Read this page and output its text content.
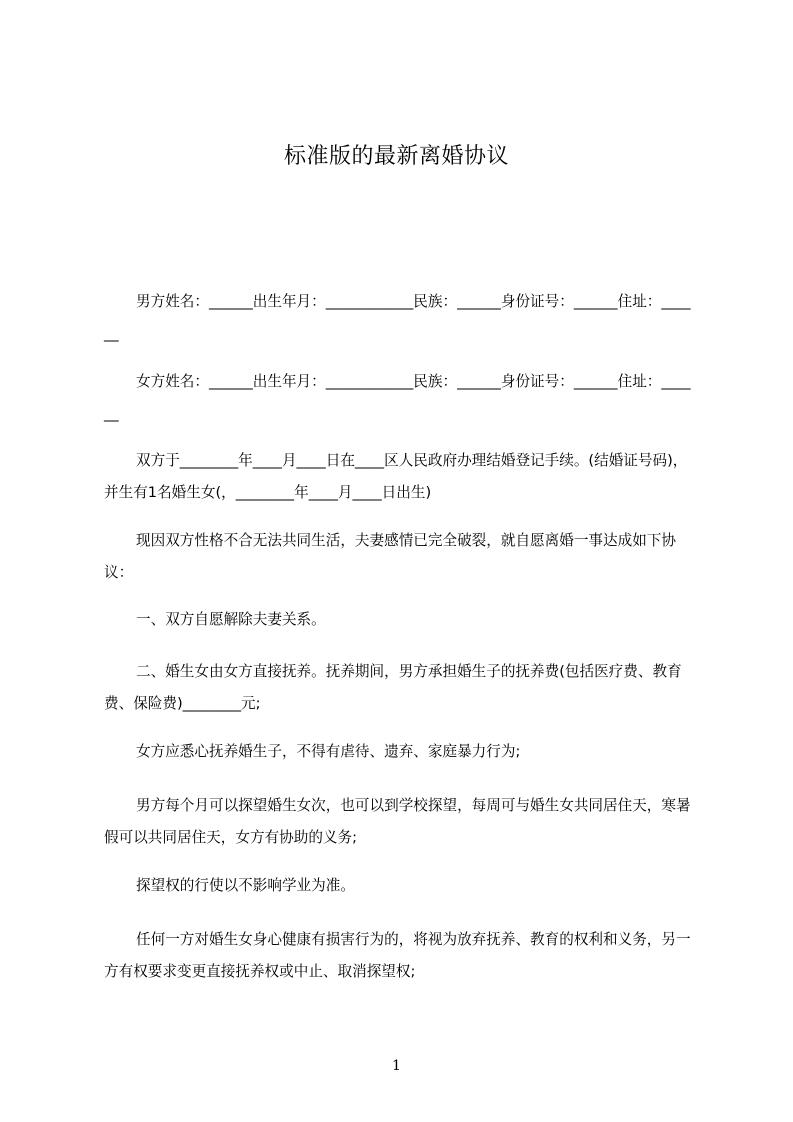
标准版的最新离婚协议

男方姓名：______出生年月：____________民族：______身份证号：______住址：______

女方姓名：______出生年月：____________民族：______身份证号：______住址：______

双方于________年____月____日在____区人民政府办理结婚登记手续。(结婚证号码)，并生有1名婚生女(，________年____月____日出生)

现因双方性格不合无法共同生活，夫妻感情已完全破裂，就自愿离婚一事达成如下协议：

一、双方自愿解除夫妻关系。

二、婚生女由女方直接抚养。抚养期间，男方承担婚生子的抚养费(包括医疗费、教育费、保险费)________元;

女方应悉心抚养婚生子，不得有虐待、遗弃、家庭暴力行为;

男方每个月可以探望婚生女次，也可以到学校探望，每周可与婚生女共同居住天，寒暑假可以共同居住天，女方有协助的义务;

探望权的行使以不影响学业为准。

任何一方对婚生女身心健康有损害行为的，将视为放弃抚养、教育的权利和义务，另一方有权要求变更直接抚养权或中止、取消探望权;

1
